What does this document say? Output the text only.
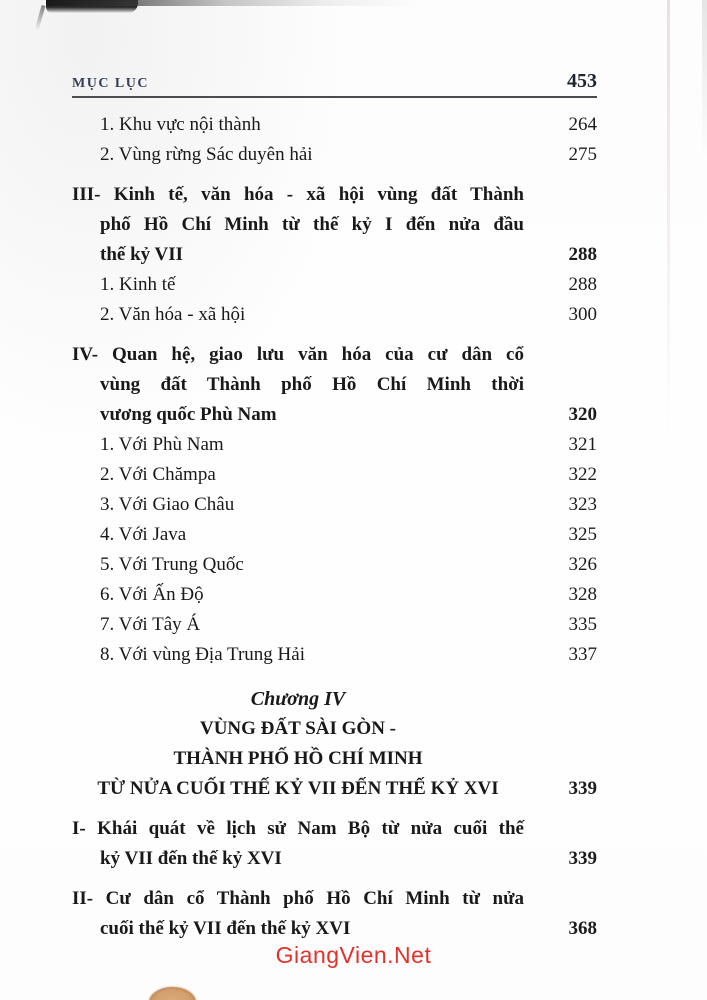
MỤC LỤC	453
1. Khu vực nội thành	264
2. Vùng rừng Sác duyên hải	275
III- Kinh tế, văn hóa - xã hội vùng đất Thành
phố Hồ Chí Minh từ thế kỷ I đến nửa đầu
thế kỷ VII	288
1. Kinh tế	288
2. Văn hóa - xã hội	300
IV- Quan hệ, giao lưu văn hóa của cư dân cổ
vùng đất Thành phố Hồ Chí Minh thời
vương quốc Phù Nam	320
1. Với Phù Nam	321
2. Với Chămpa	322
3. Với Giao Châu	323
4. Với Java	325
5. Với Trung Quốc	326
6. Với Ấn Độ	328
7. Với Tây Á	335
8. Với vùng Địa Trung Hải	337
Chương IV
VÙNG ĐẤT SÀI GÒN -
THÀNH PHỐ HỒ CHÍ MINH
TỪ NỬA CUỐI THẾ KỶ VII ĐẾN THẾ KỶ XVI	339
I- Khái quát về lịch sử Nam Bộ từ nửa cuối thế
kỷ VII đến thế kỷ XVI	339
II- Cư dân cổ Thành phố Hồ Chí Minh từ nửa
cuối thế kỷ VII đến thế kỷ XVI	368
GiangVien.Net
